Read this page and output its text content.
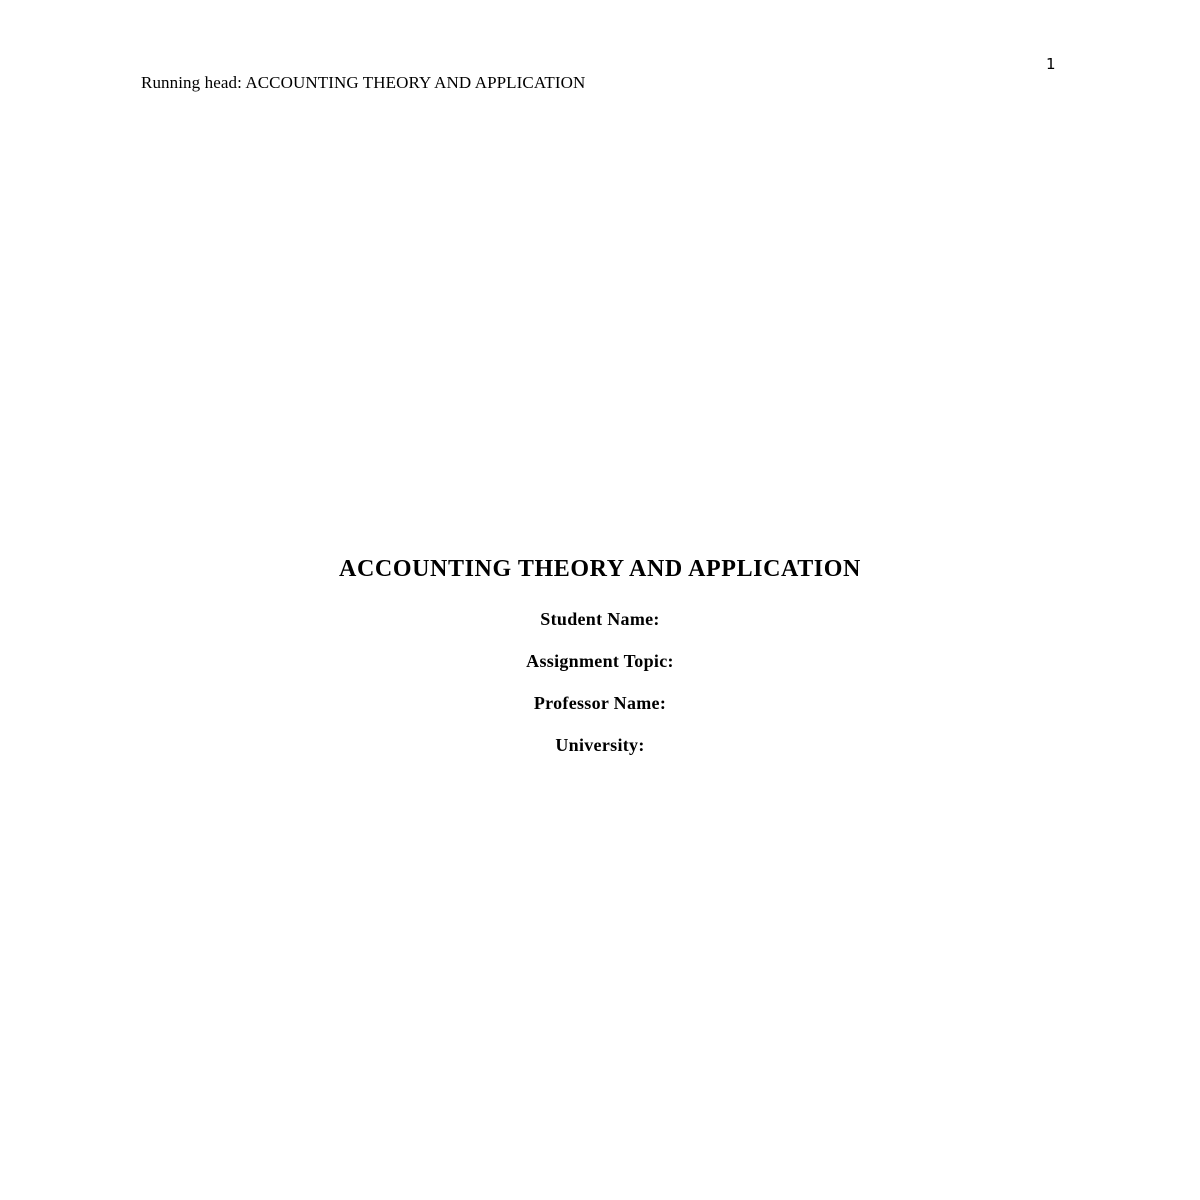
1
Running head: ACCOUNTING THEORY AND APPLICATION
ACCOUNTING THEORY AND APPLICATION
Student Name:
Assignment Topic:
Professor Name:
University:
